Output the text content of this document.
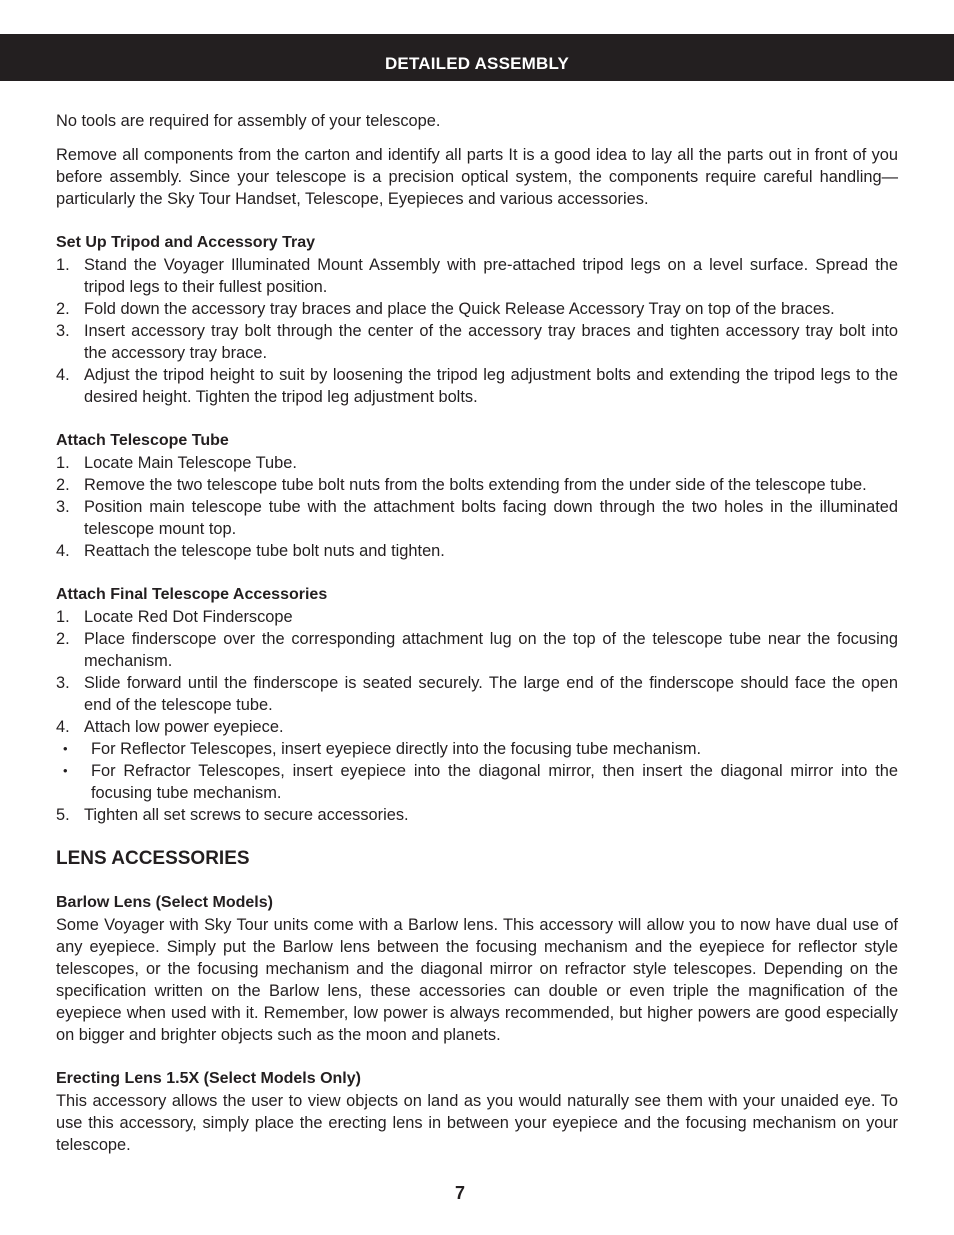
DETAILED ASSEMBLY

No tools are required for assembly of your telescope.

Remove all components from the carton and identify all parts It is a good idea to lay all the parts out in front of you before assembly. Since your telescope is a precision optical system, the components require careful handling—particularly the Sky Tour Handset, Telescope, Eyepieces and various accessories.

Set Up Tripod and Accessory Tray

1. Stand the Voyager Illuminated Mount Assembly with pre-attached tripod legs on a level surface. Spread the tripod legs to their fullest position.
2. Fold down the accessory tray braces and place the Quick Release Accessory Tray on top of the braces.
3. Insert accessory tray bolt through the center of the accessory tray braces and tighten accessory tray bolt into the accessory tray brace.
4. Adjust the tripod height to suit by loosening the tripod leg adjustment bolts and extending the tripod legs to the desired height. Tighten the tripod leg adjustment bolts.

Attach Telescope Tube

1. Locate Main Telescope Tube.
2. Remove the two telescope tube bolt nuts from the bolts extending from the under side of the telescope tube.
3. Position main telescope tube with the attachment bolts facing down through the two holes in the illuminated telescope mount top.
4. Reattach the telescope tube bolt nuts and tighten.

Attach Final Telescope Accessories

1. Locate Red Dot Finderscope
2. Place finderscope over the corresponding attachment lug on the top of the telescope tube near the focusing mechanism.
3. Slide forward until the finderscope is seated securely. The large end of the finderscope should face the open end of the telescope tube.
4. Attach low power eyepiece.
• For Reflector Telescopes, insert eyepiece directly into the focusing tube mechanism.
• For Refractor Telescopes, insert eyepiece into the diagonal mirror, then insert the diagonal mirror into the focusing tube mechanism.
5. Tighten all set screws to secure accessories.

LENS ACCESSORIES

Barlow Lens (Select Models)

Some Voyager with Sky Tour units come with a Barlow lens. This accessory will allow you to now have dual use of any eyepiece. Simply put the Barlow lens between the focusing mechanism and the eyepiece for reflector style telescopes, or the focusing mechanism and the diagonal mirror on refractor style telescopes. Depending on the specification written on the Barlow lens, these accessories can double or even triple the magnification of the eyepiece when used with it. Remember, low power is always recommended, but higher powers are good especially on bigger and brighter objects such as the moon and planets.

Erecting Lens 1.5X (Select Models Only)

This accessory allows the user to view objects on land as you would naturally see them with your unaided eye. To use this accessory, simply place the erecting lens in between your eyepiece and the focusing mechanism on your telescope.

7
